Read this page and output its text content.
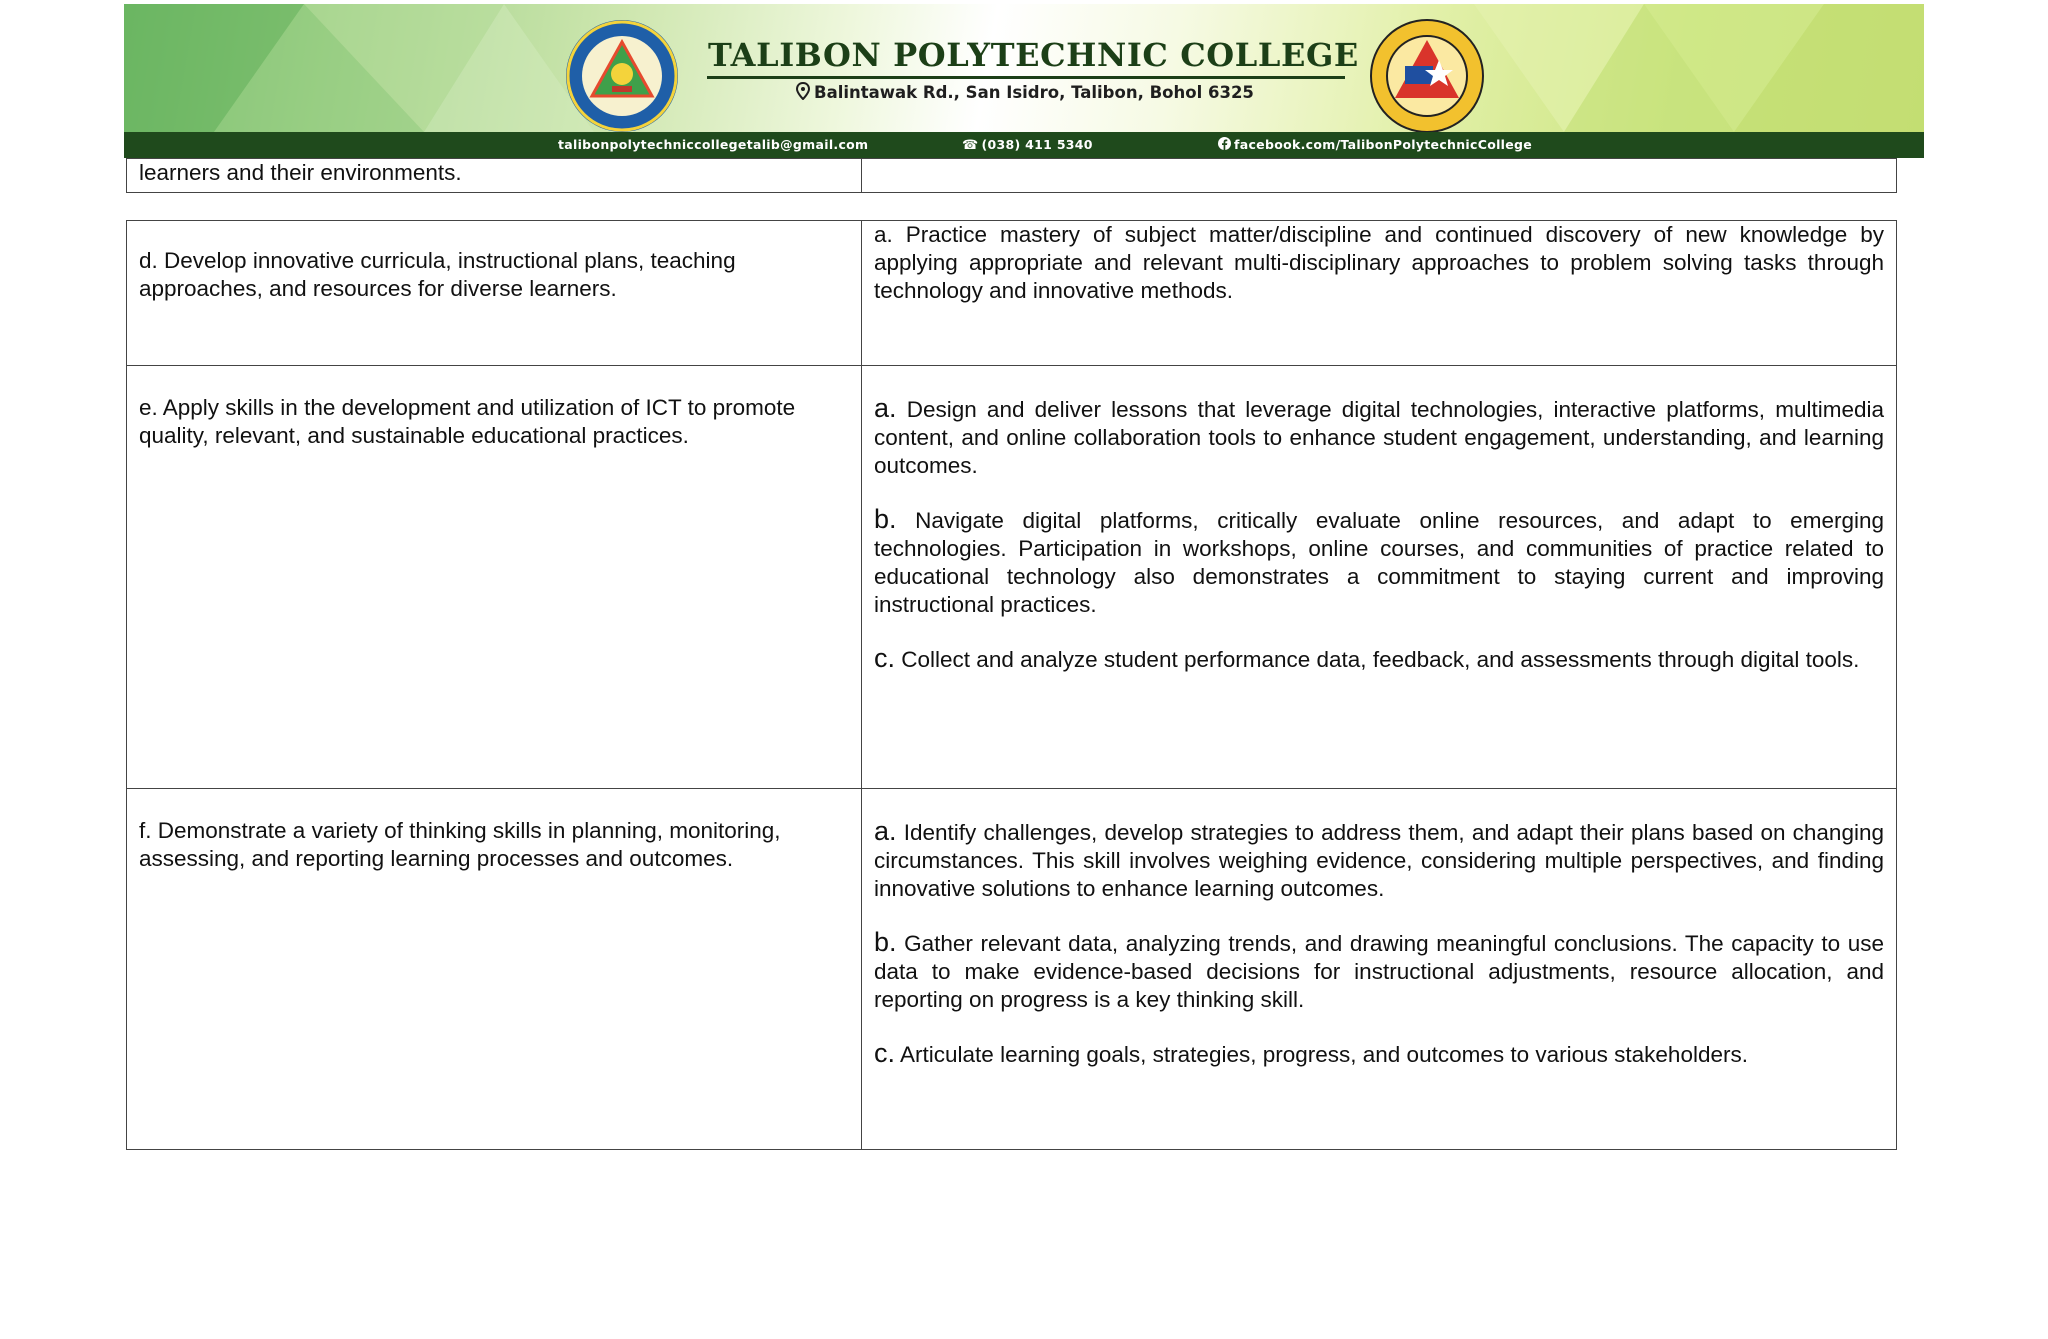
TALIBON POLYTECHNIC COLLEGE
Balintawak Rd., San Isidro, Talibon, Bohol 6325
talibonpolytechniccollegetalib@gmail.com	☎ (038) 411 5340	facebook.com/TalibonPolytechnicCollege
learners and their environments.	
d. Develop innovative curricula, instructional plans, teaching approaches, and resources for diverse learners.	a. Practice mastery of subject matter/discipline and continued discovery of new knowledge by applying appropriate and relevant multi-disciplinary approaches to problem solving tasks through technology and innovative methods.

e. Apply skills in the development and utilization of ICT to promote quality, relevant, and sustainable educational practices.	a. Design and deliver lessons that leverage digital technologies, interactive platforms, multimedia content, and online collaboration tools to enhance student engagement, understanding, and learning outcomes.
b. Navigate digital platforms, critically evaluate online resources, and adapt to emerging technologies. Participation in workshops, online courses, and communities of practice related to educational technology also demonstrates a commitment to staying current and improving instructional practices.
c. Collect and analyze student performance data, feedback, and assessments through digital tools.

f. Demonstrate a variety of thinking skills in planning, monitoring, assessing, and reporting learning processes and outcomes.	a. Identify challenges, develop strategies to address them, and adapt their plans based on changing circumstances. This skill involves weighing evidence, considering multiple perspectives, and finding innovative solutions to enhance learning outcomes.
b. Gather relevant data, analyzing trends, and drawing meaningful conclusions. The capacity to use data to make evidence-based decisions for instructional adjustments, resource allocation, and reporting on progress is a key thinking skill.
c. Articulate learning goals, strategies, progress, and outcomes to various stakeholders.
